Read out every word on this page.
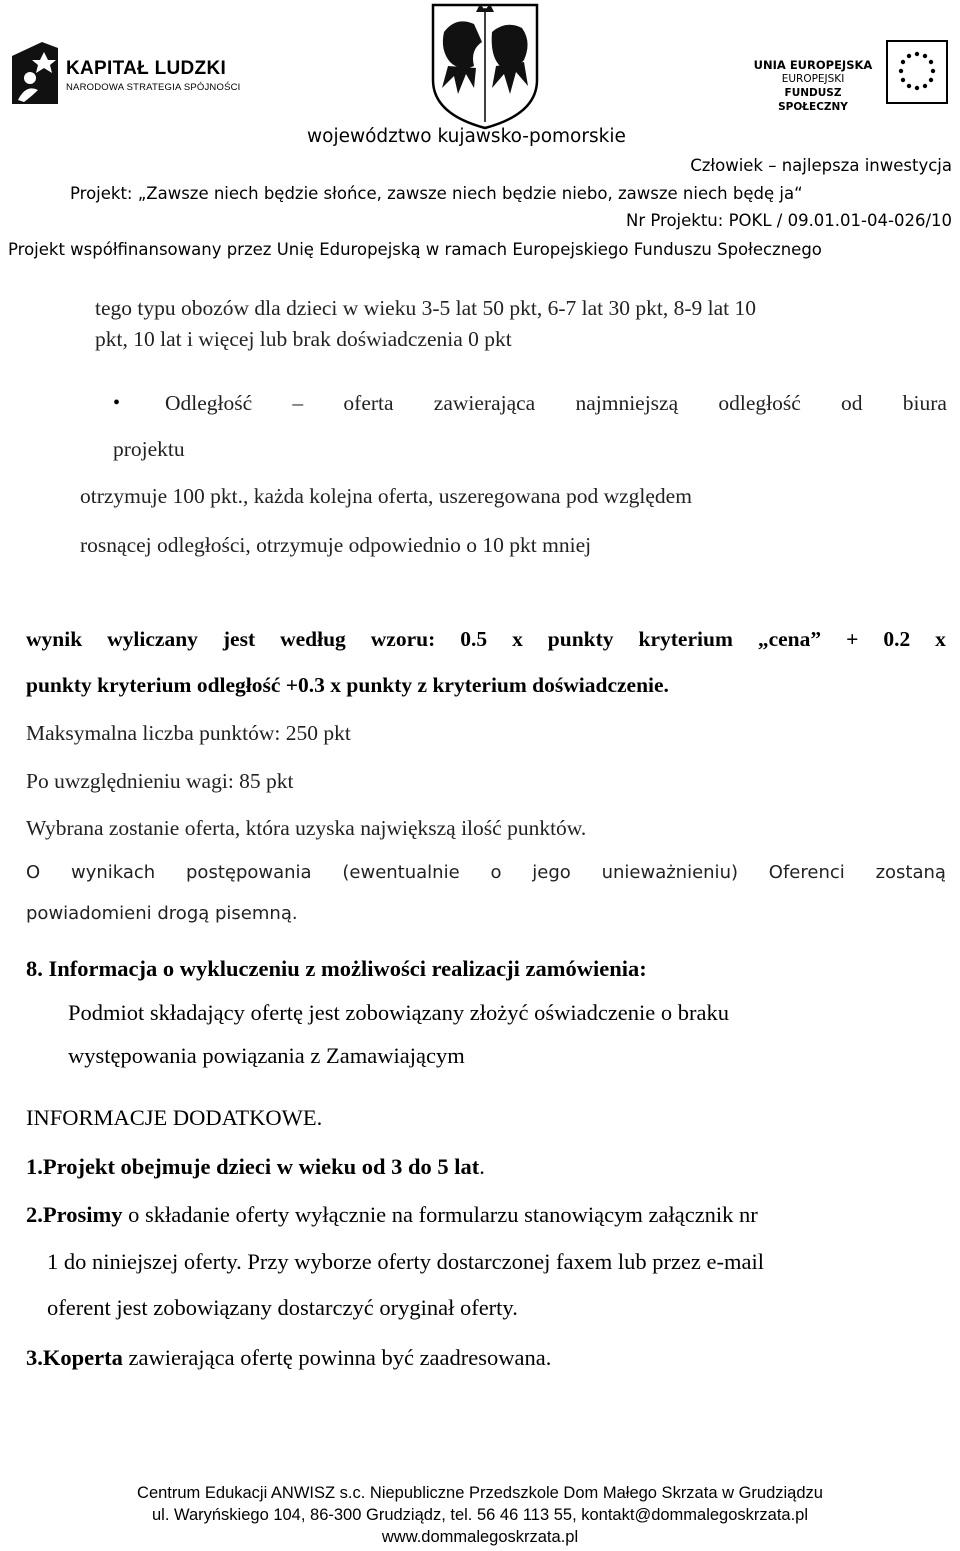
KAPITAŁ LUDZKI
NARODOWA STRATEGIA SPÓJNOŚCI
UNIA EUROPEJSKA
EUROPEJSKI
FUNDUSZ SPOŁECZNY
województwo kujawsko-pomorskie
Człowiek – najlepsza inwestycja
Projekt: „Zawsze niech będzie słońce, zawsze niech będzie niebo, zawsze niech będę ja“
Nr Projektu: POKL / 09.01.01-04-026/10
Projekt współfinansowany przez Unię Eduropejską w ramach Europejskiego Funduszu Społecznego
tego typu obozów dla dzieci w wieku 3-5 lat 50 pkt, 6-7 lat 30 pkt, 8-9 lat 10
pkt, 10 lat i więcej lub brak doświadczenia 0 pkt
• Odległość – oferta zawierająca najmniejszą odległość od biura
projektu
otrzymuje 100 pkt., każda kolejna oferta, uszeregowana pod względem
rosnącej odległości, otrzymuje odpowiednio o 10 pkt mniej
wynik wyliczany jest według wzoru: 0.5 x punkty kryterium „cena” + 0.2 x
punkty kryterium odległość +0.3 x punkty z kryterium doświadczenie.
Maksymalna liczba punktów: 250 pkt
Po uwzględnieniu wagi: 85 pkt
Wybrana zostanie oferta, która uzyska największą ilość punktów.
O wynikach postępowania (ewentualnie o jego unieważnieniu) Oferenci zostaną
powiadomieni drogą pisemną.
8. Informacja o wykluczeniu z możliwości realizacji zamówienia:
Podmiot składający ofertę jest zobowiązany złożyć oświadczenie o braku
występowania powiązania z Zamawiającym
INFORMACJE DODATKOWE.
1.Projekt obejmuje dzieci w wieku od 3 do 5 lat.
2.Prosimy o składanie oferty wyłącznie na formularzu stanowiącym załącznik nr
1 do niniejszej oferty. Przy wyborze oferty dostarczonej faxem lub przez e-mail
oferent jest zobowiązany dostarczyć oryginał oferty.
3.Koperta zawierająca ofertę powinna być zaadresowana.
Centrum Edukacji ANWISZ s.c. Niepubliczne Przedszkole Dom Małego Skrzata w Grudziądzu
ul. Waryńskiego 104, 86-300 Grudziądz, tel. 56 46 113 55, kontakt@dommalegoskrzata.pl
www.dommalegoskrzata.pl
